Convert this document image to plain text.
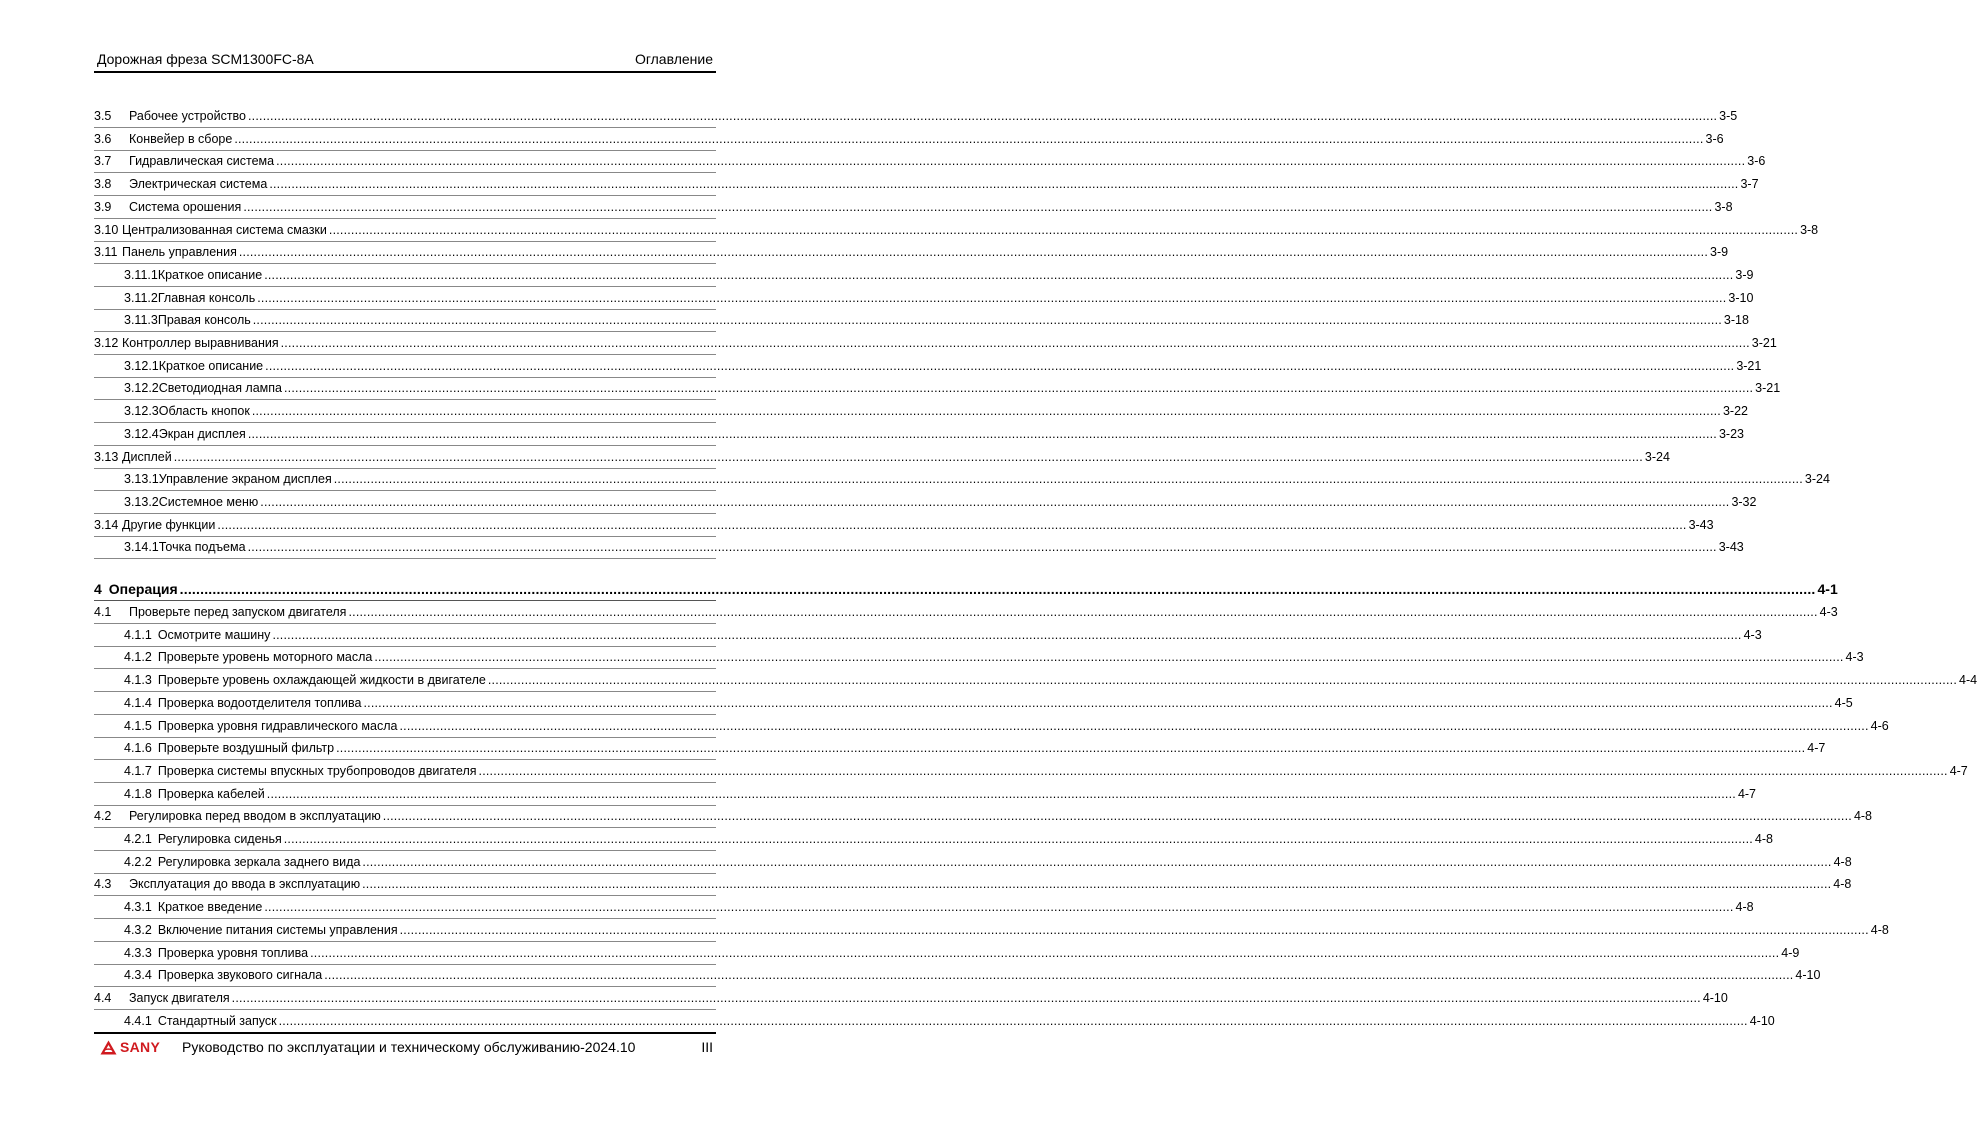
Дорожная фреза SCM1300FC-8A	Оглавление
3.5	Рабочее устройство ................................................................................................................................................................................................................................................................................................................................................................................................................ 3-5
3.6	Конвейер в сборе ................................................................................................................................................................................................................................................................................................................................................................................................................ 3-6
3.7	Гидравлическая система ................................................................................................................................................................................................................................................................................................................................................................................................................ 3-6
3.8	Электрическая система ................................................................................................................................................................................................................................................................................................................................................................................................................ 3-7
3.9	Система орошения ................................................................................................................................................................................................................................................................................................................................................................................................................ 3-8
3.10 Централизованная система смазки ................................................................................................................................................................................................................................................................................................................................................................................................................ 3-8
3.11 Панель управления ................................................................................................................................................................................................................................................................................................................................................................................................................ 3-9
3.11.1 Краткое описание ................................................................................................................................................................................................................................................................................................................................................................................................................ 3-9
3.11.2 Главная консоль ................................................................................................................................................................................................................................................................................................................................................................................................................ 3-10
3.11.3 Правая консоль ................................................................................................................................................................................................................................................................................................................................................................................................................ 3-18
3.12 Контроллер выравнивания ................................................................................................................................................................................................................................................................................................................................................................................................................ 3-21
3.12.1 Краткое описание ................................................................................................................................................................................................................................................................................................................................................................................................................ 3-21
3.12.2 Светодиодная лампа ................................................................................................................................................................................................................................................................................................................................................................................................................ 3-21
3.12.3 Область кнопок ................................................................................................................................................................................................................................................................................................................................................................................................................ 3-22
3.12.4 Экран дисплея ................................................................................................................................................................................................................................................................................................................................................................................................................ 3-23
3.13 Дисплей ................................................................................................................................................................................................................................................................................................................................................................................................................ 3-24
3.13.1 Управление экраном дисплея ................................................................................................................................................................................................................................................................................................................................................................................................................ 3-24
3.13.2 Системное меню ................................................................................................................................................................................................................................................................................................................................................................................................................ 3-32
3.14 Другие функции ................................................................................................................................................................................................................................................................................................................................................................................................................ 3-43
3.14.1 Точка подъема ................................................................................................................................................................................................................................................................................................................................................................................................................ 3-43
4 Операция ................................................................................................................................................................................................................................................................................................................................................................................................................ 4-1
4.1	Проверьте перед запуском двигателя ................................................................................................................................................................................................................................................................................................................................................................................................................ 4-3
4.1.1 Осмотрите машину ................................................................................................................................................................................................................................................................................................................................................................................................................ 4-3
4.1.2 Проверьте уровень моторного масла ................................................................................................................................................................................................................................................................................................................................................................................................................ 4-3
4.1.3 Проверьте уровень охлаждающей жидкости в двигателе ................................................................................................................................................................................................................................................................................................................................................................................................................ 4-4
4.1.4 Проверка водоотделителя топлива ................................................................................................................................................................................................................................................................................................................................................................................................................ 4-5
4.1.5 Проверка уровня гидравлического масла ................................................................................................................................................................................................................................................................................................................................................................................................................ 4-6
4.1.6 Проверьте воздушный фильтр ................................................................................................................................................................................................................................................................................................................................................................................................................ 4-7
4.1.7 Проверка системы впускных трубопроводов двигателя ................................................................................................................................................................................................................................................................................................................................................................................................................ 4-7
4.1.8 Проверка кабелей ................................................................................................................................................................................................................................................................................................................................................................................................................ 4-7
4.2	Регулировка перед вводом в эксплуатацию ................................................................................................................................................................................................................................................................................................................................................................................................................ 4-8
4.2.1 Регулировка сиденья ................................................................................................................................................................................................................................................................................................................................................................................................................ 4-8
4.2.2 Регулировка зеркала заднего вида ................................................................................................................................................................................................................................................................................................................................................................................................................ 4-8
4.3	Эксплуатация до ввода в эксплуатацию ................................................................................................................................................................................................................................................................................................................................................................................................................ 4-8
4.3.1 Краткое введение ................................................................................................................................................................................................................................................................................................................................................................................................................ 4-8
4.3.2 Включение питания системы управления ................................................................................................................................................................................................................................................................................................................................................................................................................ 4-8
4.3.3 Проверка уровня топлива ................................................................................................................................................................................................................................................................................................................................................................................................................ 4-9
4.3.4 Проверка звукового сигнала ................................................................................................................................................................................................................................................................................................................................................................................................................ 4-10
4.4	Запуск двигателя ................................................................................................................................................................................................................................................................................................................................................................................................................ 4-10
4.4.1 Стандартный запуск ................................................................................................................................................................................................................................................................................................................................................................................................................ 4-10
SANY Руководство по эксплуатации и техническому обслуживанию-2024.10	III
